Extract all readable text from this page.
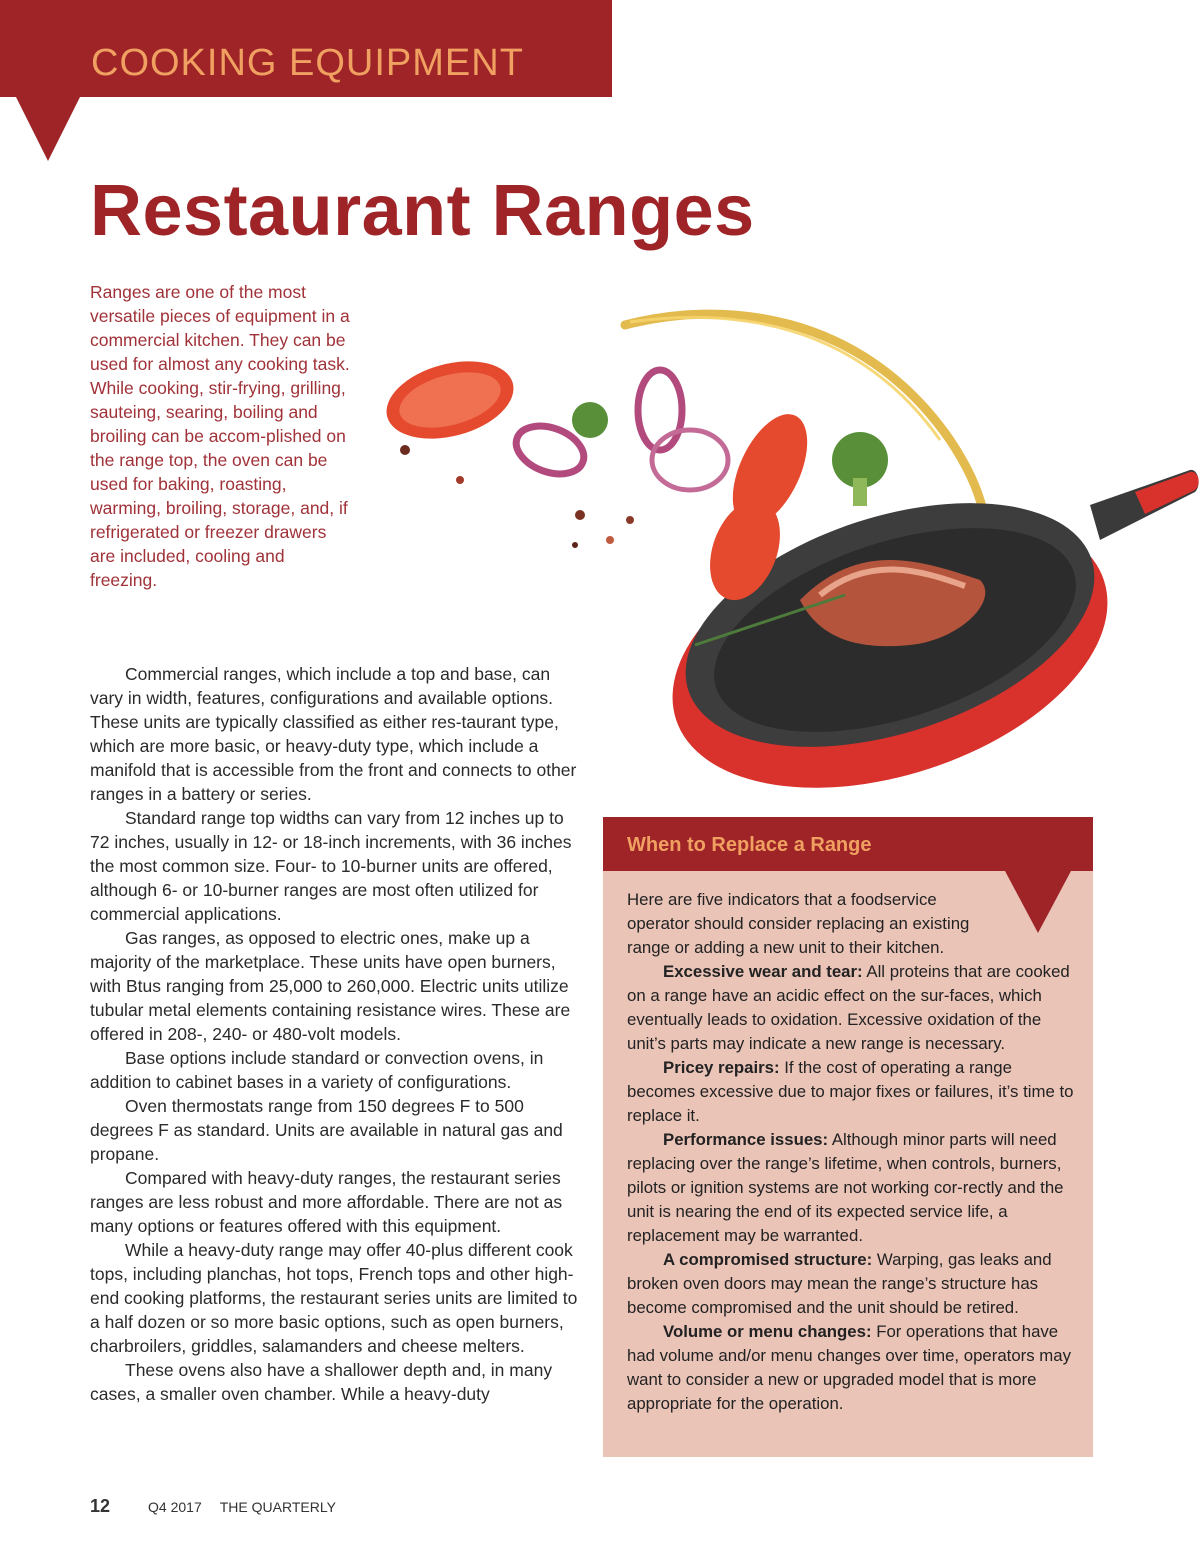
COOKING EQUIPMENT
Restaurant Ranges

Ranges are one of the most versatile pieces of equipment in a commercial kitchen. They can be used for almost any cooking task. While cooking, stir-frying, grilling, sauteing, searing, boiling and broiling can be accom-plished on the range top, the oven can be used for baking, roasting, warming, broiling, storage, and, if refrigerated or freezer drawers are included, cooling and freezing.

Commercial ranges, which include a top and base, can vary in width, features, configurations and available options. These units are typically classified as either res-taurant type, which are more basic, or heavy-duty type, which include a manifold that is accessible from the front and connects to other ranges in a battery or series.

Standard range top widths can vary from 12 inches up to 72 inches, usually in 12- or 18-inch increments, with 36 inches the most common size. Four- to 10-burner units are offered, although 6- or 10-burner ranges are most often utilized for commercial applications.

Gas ranges, as opposed to electric ones, make up a majority of the marketplace. These units have open burners, with Btus ranging from 25,000 to 260,000. Electric units utilize tubular metal elements containing resistance wires. These are offered in 208-, 240- or 480-volt models.

Base options include standard or convection ovens, in addition to cabinet bases in a variety of configurations.

Oven thermostats range from 150 degrees F to 500 degrees F as standard. Units are available in natural gas and propane.

Compared with heavy-duty ranges, the restaurant series ranges are less robust and more affordable. There are not as many options or features offered with this equipment.

While a heavy-duty range may offer 40-plus different cook tops, including planchas, hot tops, French tops and other high-end cooking platforms, the restaurant series units are limited to a half dozen or so more basic options, such as open burners, charbroilers, griddles, salamanders and cheese melters.

These ovens also have a shallower depth and, in many cases, a smaller oven chamber. While a heavy-duty

When to Replace a Range

Here are five indicators that a foodservice operator should consider replacing an existing range or adding a new unit to their kitchen.

Excessive wear and tear: All proteins that are cooked on a range have an acidic effect on the sur-faces, which eventually leads to oxidation. Excessive oxidation of the unit’s parts may indicate a new range is necessary.

Pricey repairs: If the cost of operating a range becomes excessive due to major fixes or failures, it’s time to replace it.

Performance issues: Although minor parts will need replacing over the range’s lifetime, when controls, burners, pilots or ignition systems are not working cor-rectly and the unit is nearing the end of its expected service life, a replacement may be warranted.

A compromised structure: Warping, gas leaks and broken oven doors may mean the range’s structure has become compromised and the unit should be retired.

Volume or menu changes: For operations that have had volume and/or menu changes over time, operators may want to consider a new or upgraded model that is more appropriate for the operation.

12	Q4 2017 THE QUARTERLY
